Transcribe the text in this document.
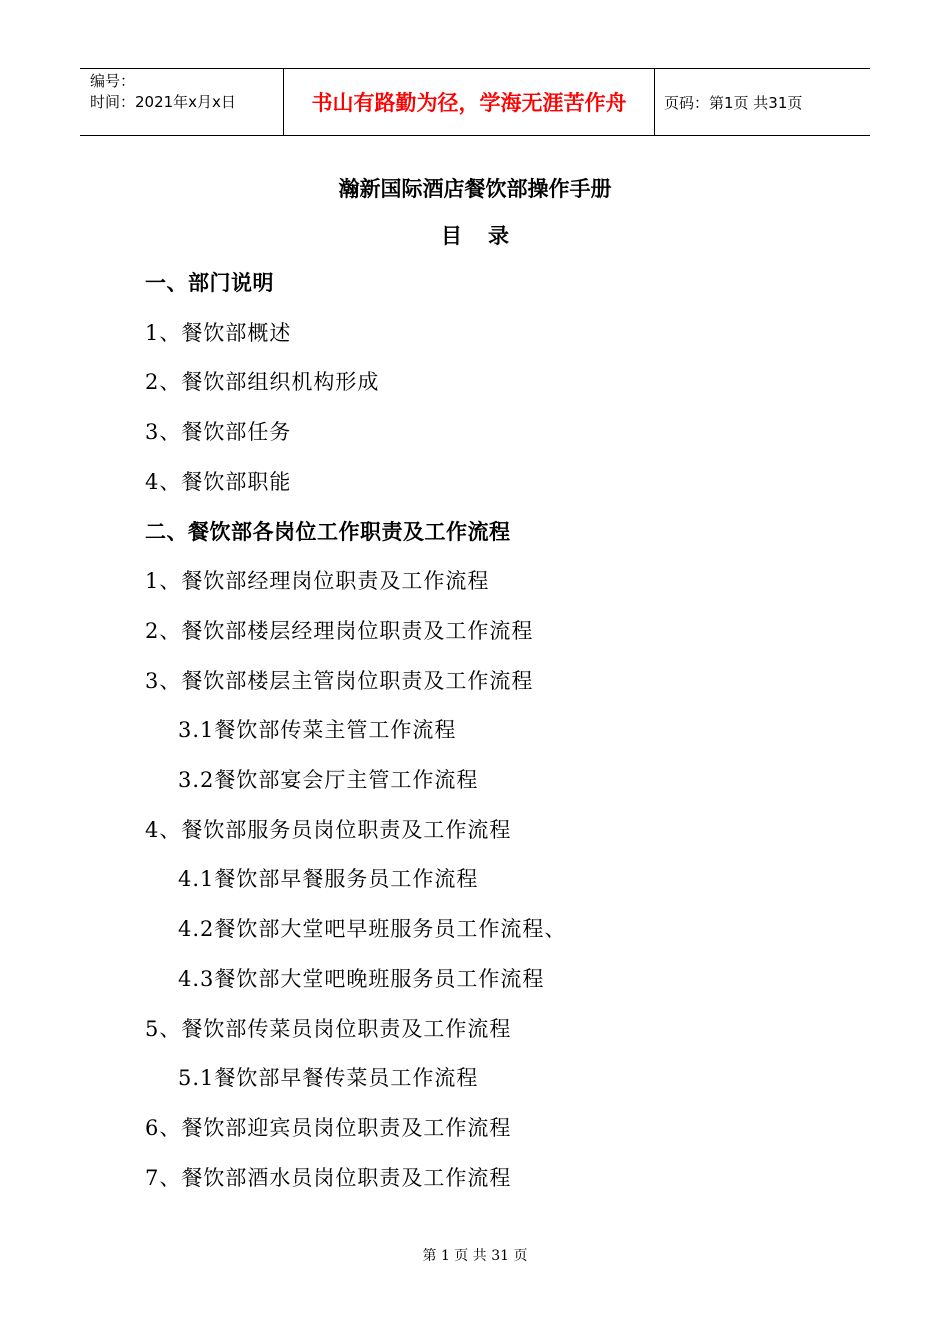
编号：
时间：2021年x月x日	书山有路勤为径，学海无涯苦作舟	页码：第1页 共31页
瀚新国际酒店餐饮部操作手册
目录
一、部门说明
1、餐饮部概述
2、餐饮部组织机构形成
3、餐饮部任务
4、餐饮部职能
二、餐饮部各岗位工作职责及工作流程
1、餐饮部经理岗位职责及工作流程
2、餐饮部楼层经理岗位职责及工作流程
3、餐饮部楼层主管岗位职责及工作流程
3.1餐饮部传菜主管工作流程
3.2餐饮部宴会厅主管工作流程
4、餐饮部服务员岗位职责及工作流程
4.1餐饮部早餐服务员工作流程
4.2餐饮部大堂吧早班服务员工作流程、
4.3餐饮部大堂吧晚班服务员工作流程
5、餐饮部传菜员岗位职责及工作流程
5.1餐饮部早餐传菜员工作流程
6、餐饮部迎宾员岗位职责及工作流程
7、餐饮部酒水员岗位职责及工作流程
第 1 页 共 31 页
